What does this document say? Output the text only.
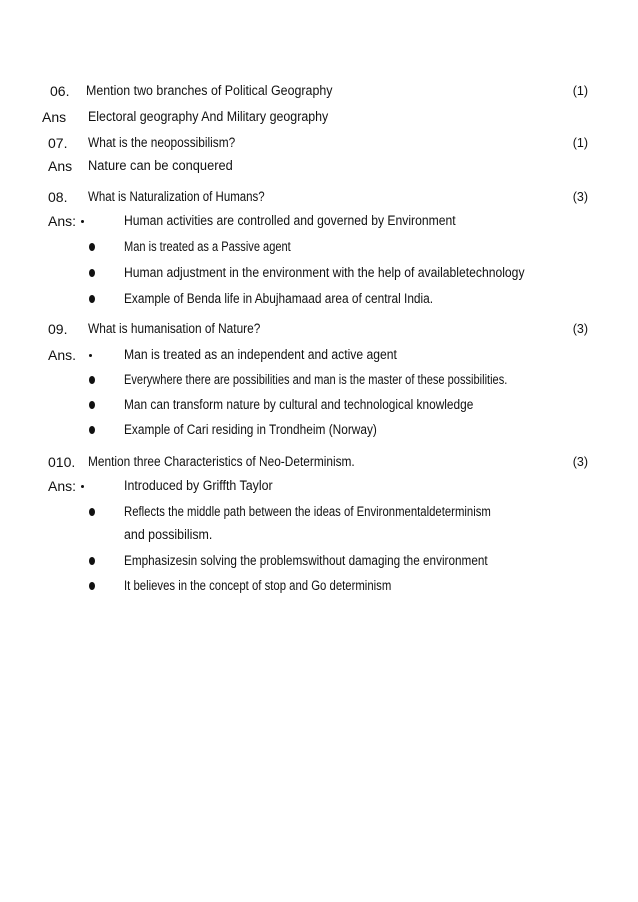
06. Mention two branches of Political Geography	(1)
Ans Electoral geography And Military geography
07. What is the neopossibilism?	(1)
Ans Nature can be conquered
08. What is Naturalization of Humans?	(3)
Ans:	Human activities are controlled and governed by Environment
Man is treated as a Passive agent
Human adjustment in the environment with the help of availabletechnology
Example of Benda life in Abujhamaad area of central India.
09. What is humanisation of Nature?	(3)
Ans.	Man is treated as an independent and active agent
Everywhere there are possibilities and man is the master of these possibilities.
Man can transform nature by cultural and technological knowledge
Example of Cari residing in Trondheim (Norway)
010. Mention three Characteristics of Neo-Determinism.	(3)
Ans:	Introduced by Griffth Taylor
Reflects the middle path between the ideas of Environmentaldeterminism
and possibilism.
Emphasizesin solving the problemswithout damaging the environment
It believes in the concept of stop and Go determinism
